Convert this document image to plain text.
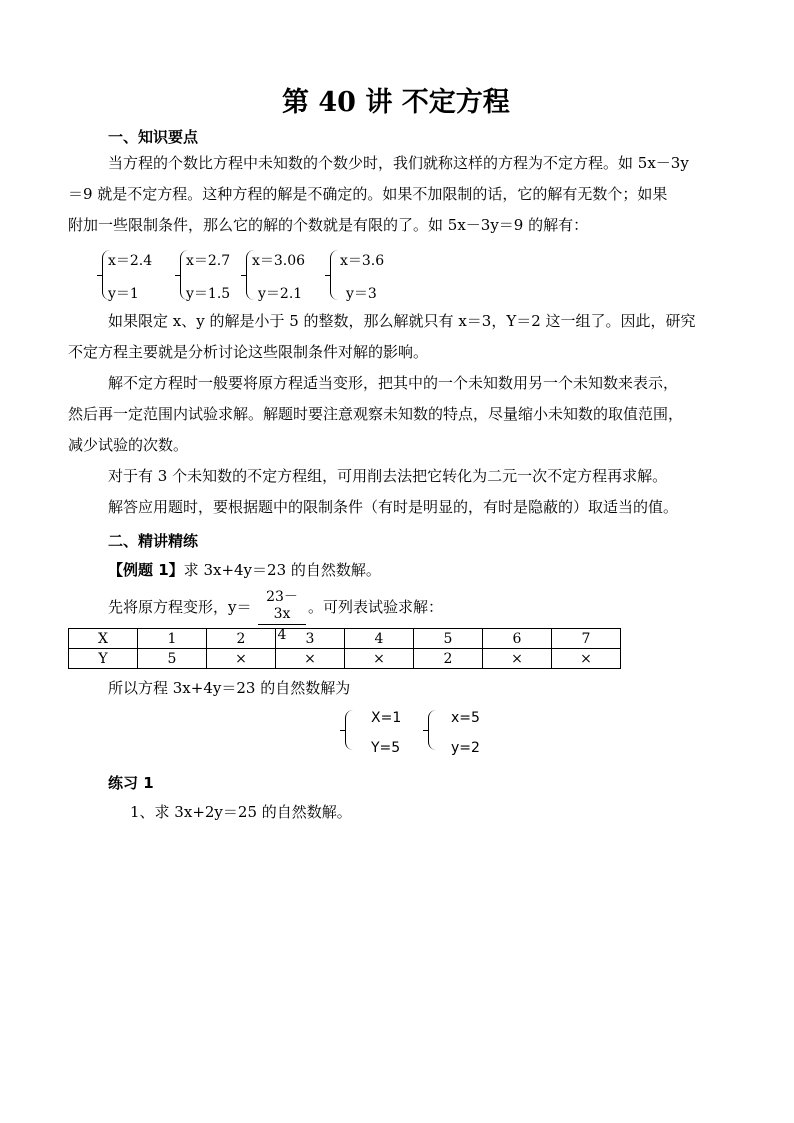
第 40 讲 不定方程
一、知识要点
当方程的个数比方程中未知数的个数少时，我们就称这样的方程为不定方程。如 5x－3y
＝9 就是不定方程。这种方程的解是不确定的。如果不加限制的话，它的解有无数个；如果
附加一些限制条件，那么它的解的个数就是有限的了。如 5x－3y＝9 的解有：
x＝2.4
y＝1
x＝2.7
y＝1.5
x＝3.06
y＝2.1
x＝3.6
y＝3
如果限定 x、y 的解是小于 5 的整数，那么解就只有 x＝3，Y＝2 这一组了。因此，研究
不定方程主要就是分析讨论这些限制条件对解的影响。
解不定方程时一般要将原方程适当变形，把其中的一个未知数用另一个未知数来表示，
然后再一定范围内试验求解。解题时要注意观察未知数的特点，尽量缩小未知数的取值范围，
减少试验的次数。
对于有 3 个未知数的不定方程组，可用削去法把它转化为二元一次不定方程再求解。
解答应用题时，要根据题中的限制条件（有时是明显的，有时是隐蔽的）取适当的值。
二、精讲精练
【例题 1】求 3x+4y＝23 的自然数解。
先将原方程变形，y＝
23－3x
4
。可列表试验求解：
X	1	2	3	4	5	6	7
Y	5	×	×	×	2	×	×
所以方程 3x+4y＝23 的自然数解为
X=1
Y=5
x=5
y=2
练习 1
1、求 3x+2y＝25 的自然数解。
